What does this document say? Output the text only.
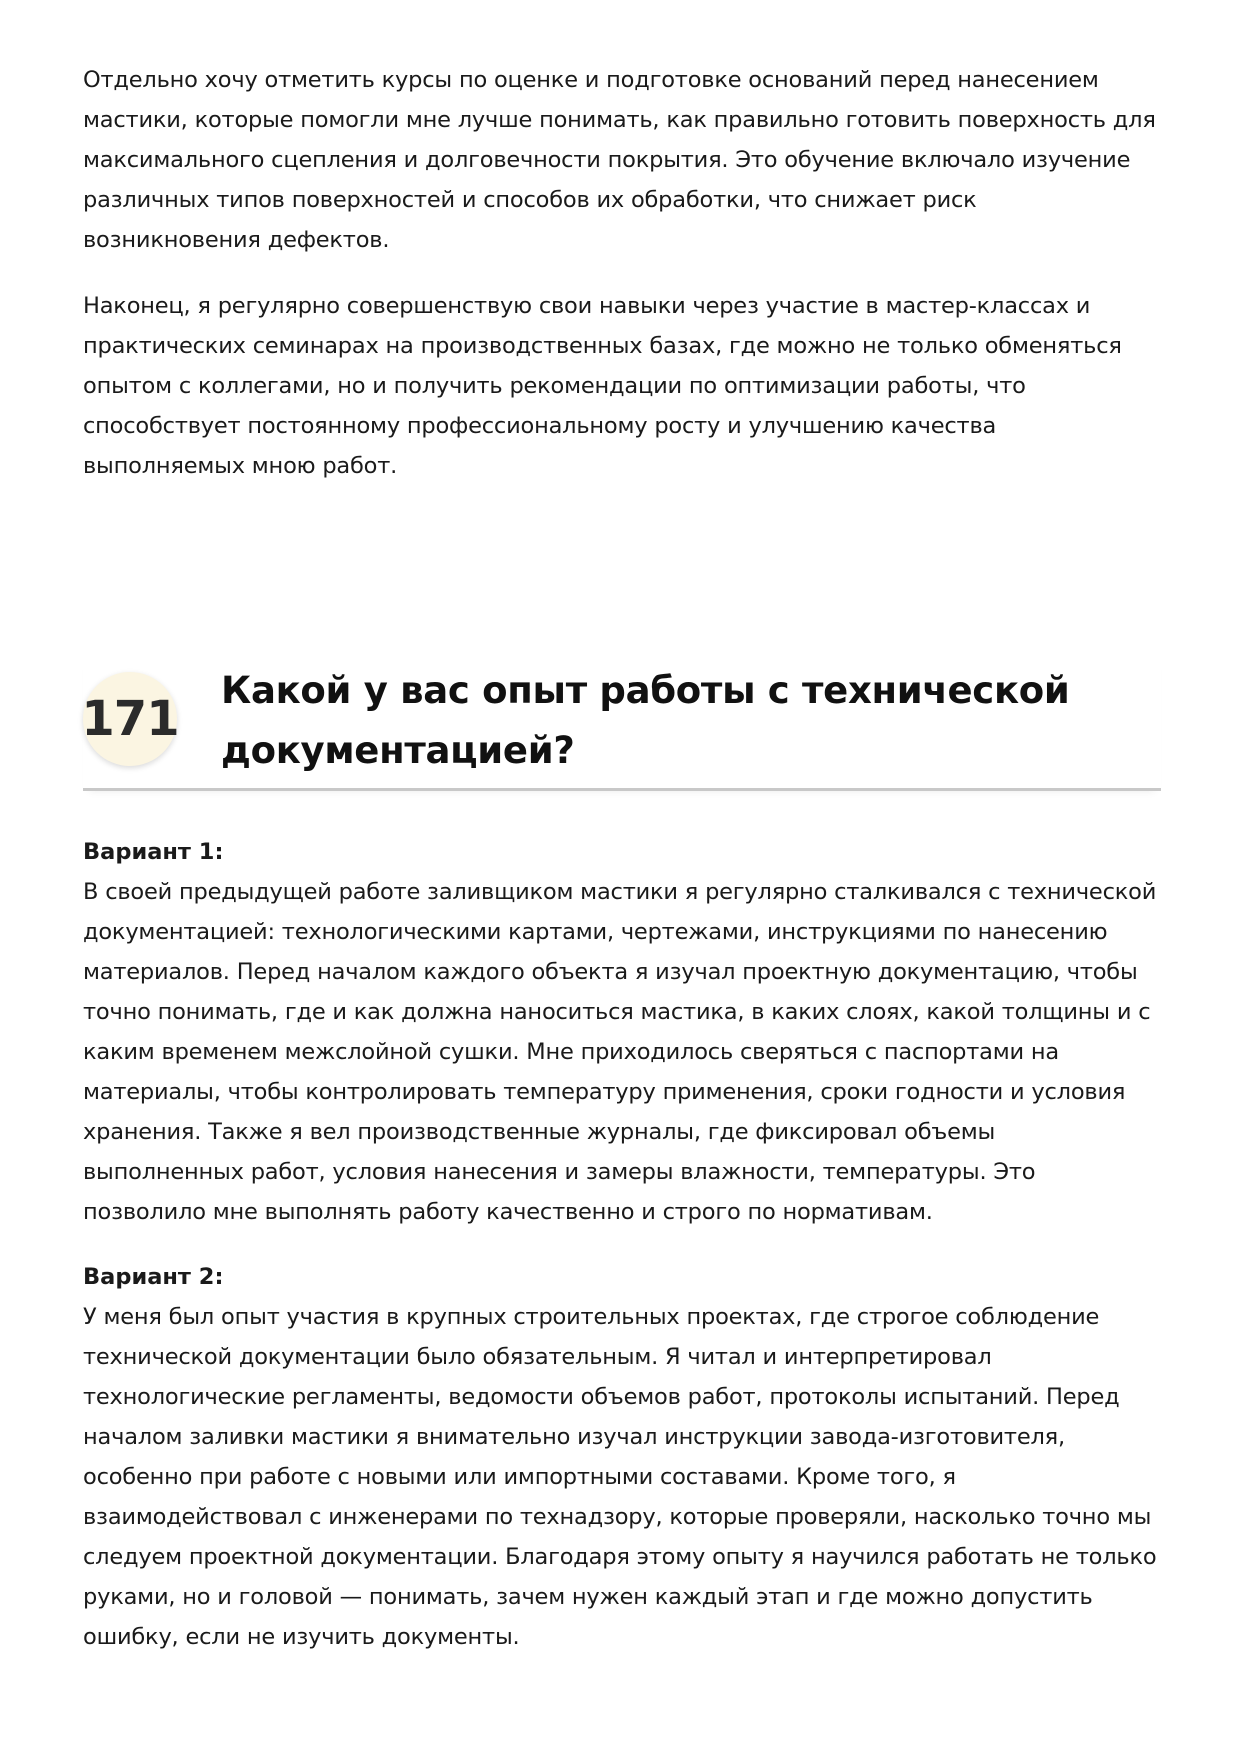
Отдельно хочу отметить курсы по оценке и подготовке оснований перед нанесением мастики, которые помогли мне лучше понимать, как правильно готовить поверхность для максимального сцепления и долговечности покрытия. Это обучение включало изучение различных типов поверхностей и способов их обработки, что снижает риск возникновения дефектов.

Наконец, я регулярно совершенствую свои навыки через участие в мастер-классах и практических семинарах на производственных базах, где можно не только обменяться опытом с коллегами, но и получить рекомендации по оптимизации работы, что способствует постоянному профессиональному росту и улучшению качества выполняемых мною работ.

171
Какой у вас опыт работы с технической документацией?

Вариант 1:

В своей предыдущей работе заливщиком мастики я регулярно сталкивался с технической документацией: технологическими картами, чертежами, инструкциями по нанесению материалов. Перед началом каждого объекта я изучал проектную документацию, чтобы точно понимать, где и как должна наноситься мастика, в каких слоях, какой толщины и с каким временем межслойной сушки. Мне приходилось сверяться с паспортами на материалы, чтобы контролировать температуру применения, сроки годности и условия хранения. Также я вел производственные журналы, где фиксировал объемы выполненных работ, условия нанесения и замеры влажности, температуры. Это позволило мне выполнять работу качественно и строго по нормативам.

Вариант 2:

У меня был опыт участия в крупных строительных проектах, где строгое соблюдение технической документации было обязательным. Я читал и интерпретировал технологические регламенты, ведомости объемов работ, протоколы испытаний. Перед началом заливки мастики я внимательно изучал инструкции завода-изготовителя, особенно при работе с новыми или импортными составами. Кроме того, я взаимодействовал с инженерами по технадзору, которые проверяли, насколько точно мы следуем проектной документации. Благодаря этому опыту я научился работать не только руками, но и головой — понимать, зачем нужен каждый этап и где можно допустить ошибку, если не изучить документы.
